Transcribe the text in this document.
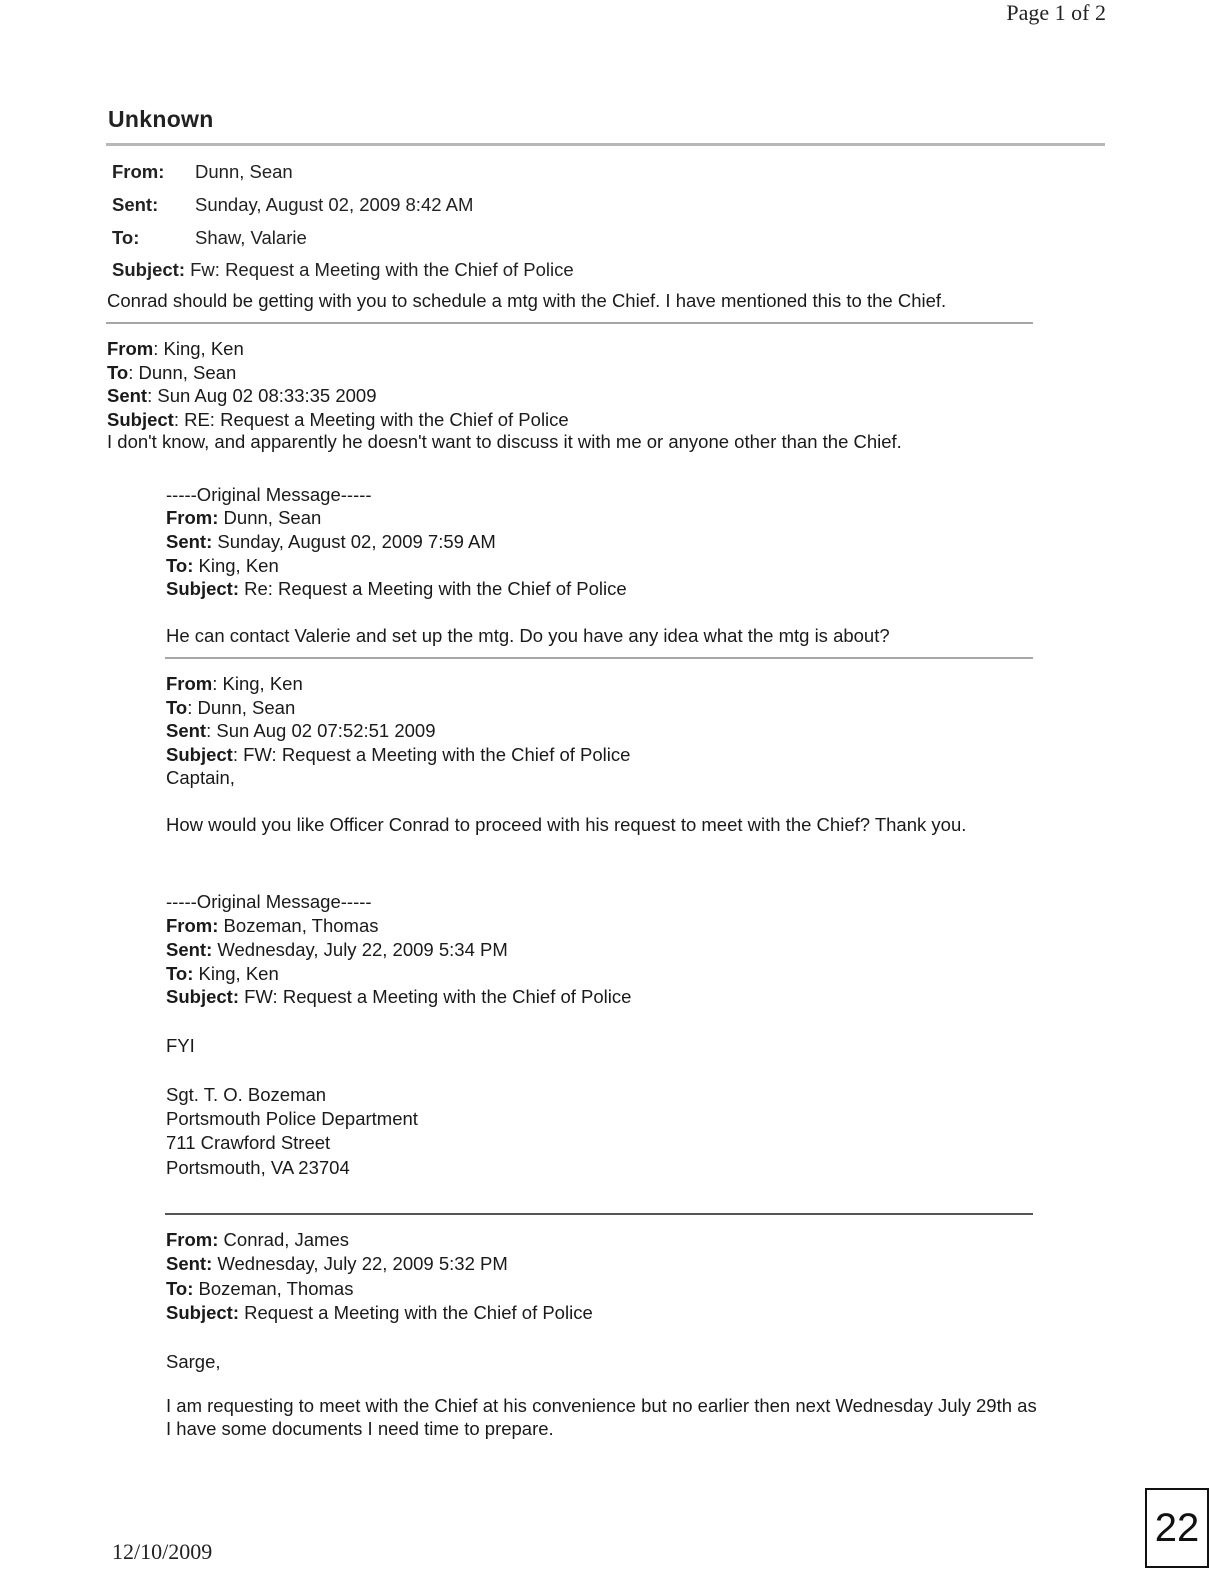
Page 1 of 2
Unknown
From: Dunn, Sean
Sent: Sunday, August 02, 2009 8:42 AM
To:	Shaw, Valarie
Subject: Fw: Request a Meeting with the Chief of Police
Conrad should be getting with you to schedule a mtg with the Chief. I have mentioned this to the Chief.
From: King, Ken
To: Dunn, Sean
Sent: Sun Aug 02 08:33:35 2009
Subject: RE: Request a Meeting with the Chief of Police
I don't know, and apparently he doesn't want to discuss it with me or anyone other than the Chief.
-----Original Message-----
From: Dunn, Sean
Sent: Sunday, August 02, 2009 7:59 AM
To: King, Ken
Subject: Re: Request a Meeting with the Chief of Police
He can contact Valerie and set up the mtg. Do you have any idea what the mtg is about?
From: King, Ken
To: Dunn, Sean
Sent: Sun Aug 02 07:52:51 2009
Subject: FW: Request a Meeting with the Chief of Police
Captain,
How would you like Officer Conrad to proceed with his request to meet with the Chief? Thank you.
-----Original Message-----
From: Bozeman, Thomas
Sent: Wednesday, July 22, 2009 5:34 PM
To: King, Ken
Subject: FW: Request a Meeting with the Chief of Police
FYI
Sgt. T. O. Bozeman
Portsmouth Police Department
711 Crawford Street
Portsmouth, VA 23704
From: Conrad, James
Sent: Wednesday, July 22, 2009 5:32 PM
To: Bozeman, Thomas
Subject: Request a Meeting with the Chief of Police
Sarge,
I am requesting to meet with the Chief at his convenience but no earlier then next Wednesday July 29th as I have some documents I need time to prepare.
12/10/2009
22
